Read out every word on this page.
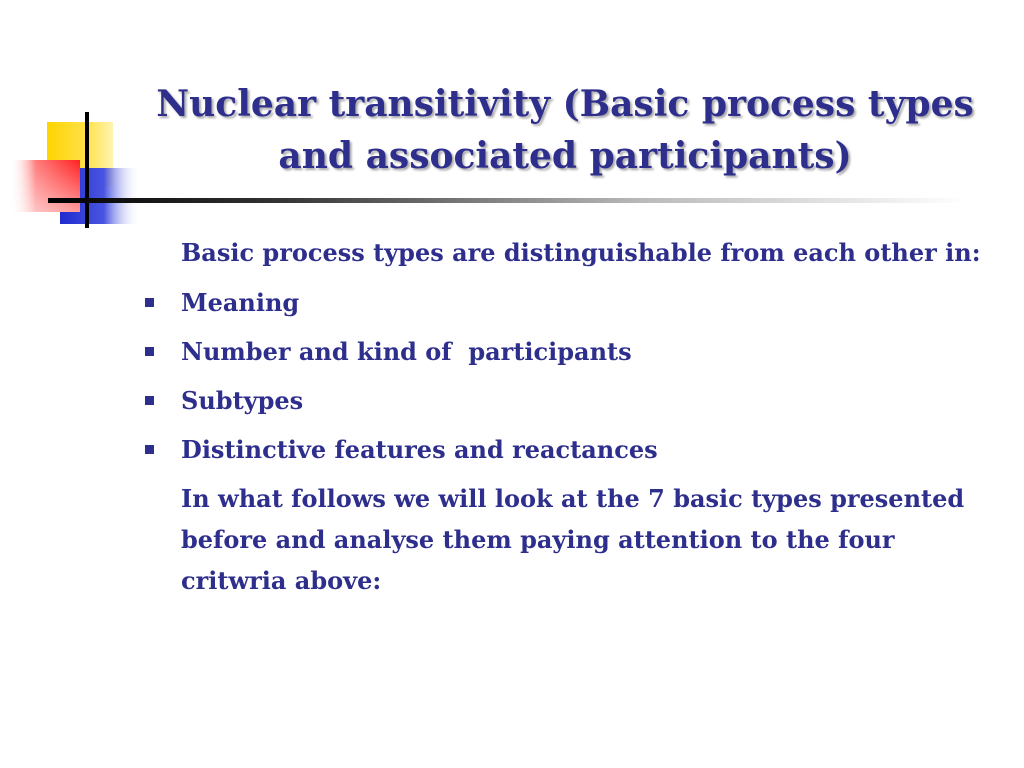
Nuclear transitivity (Basic process types
and associated participants)
Basic process types are distinguishable from each other in:
Meaning
Number and kind of  participants
Subtypes
Distinctive features and reactances
In what follows we will look at the 7 basic types presented before and analyse them paying attention to the four critwria above:
